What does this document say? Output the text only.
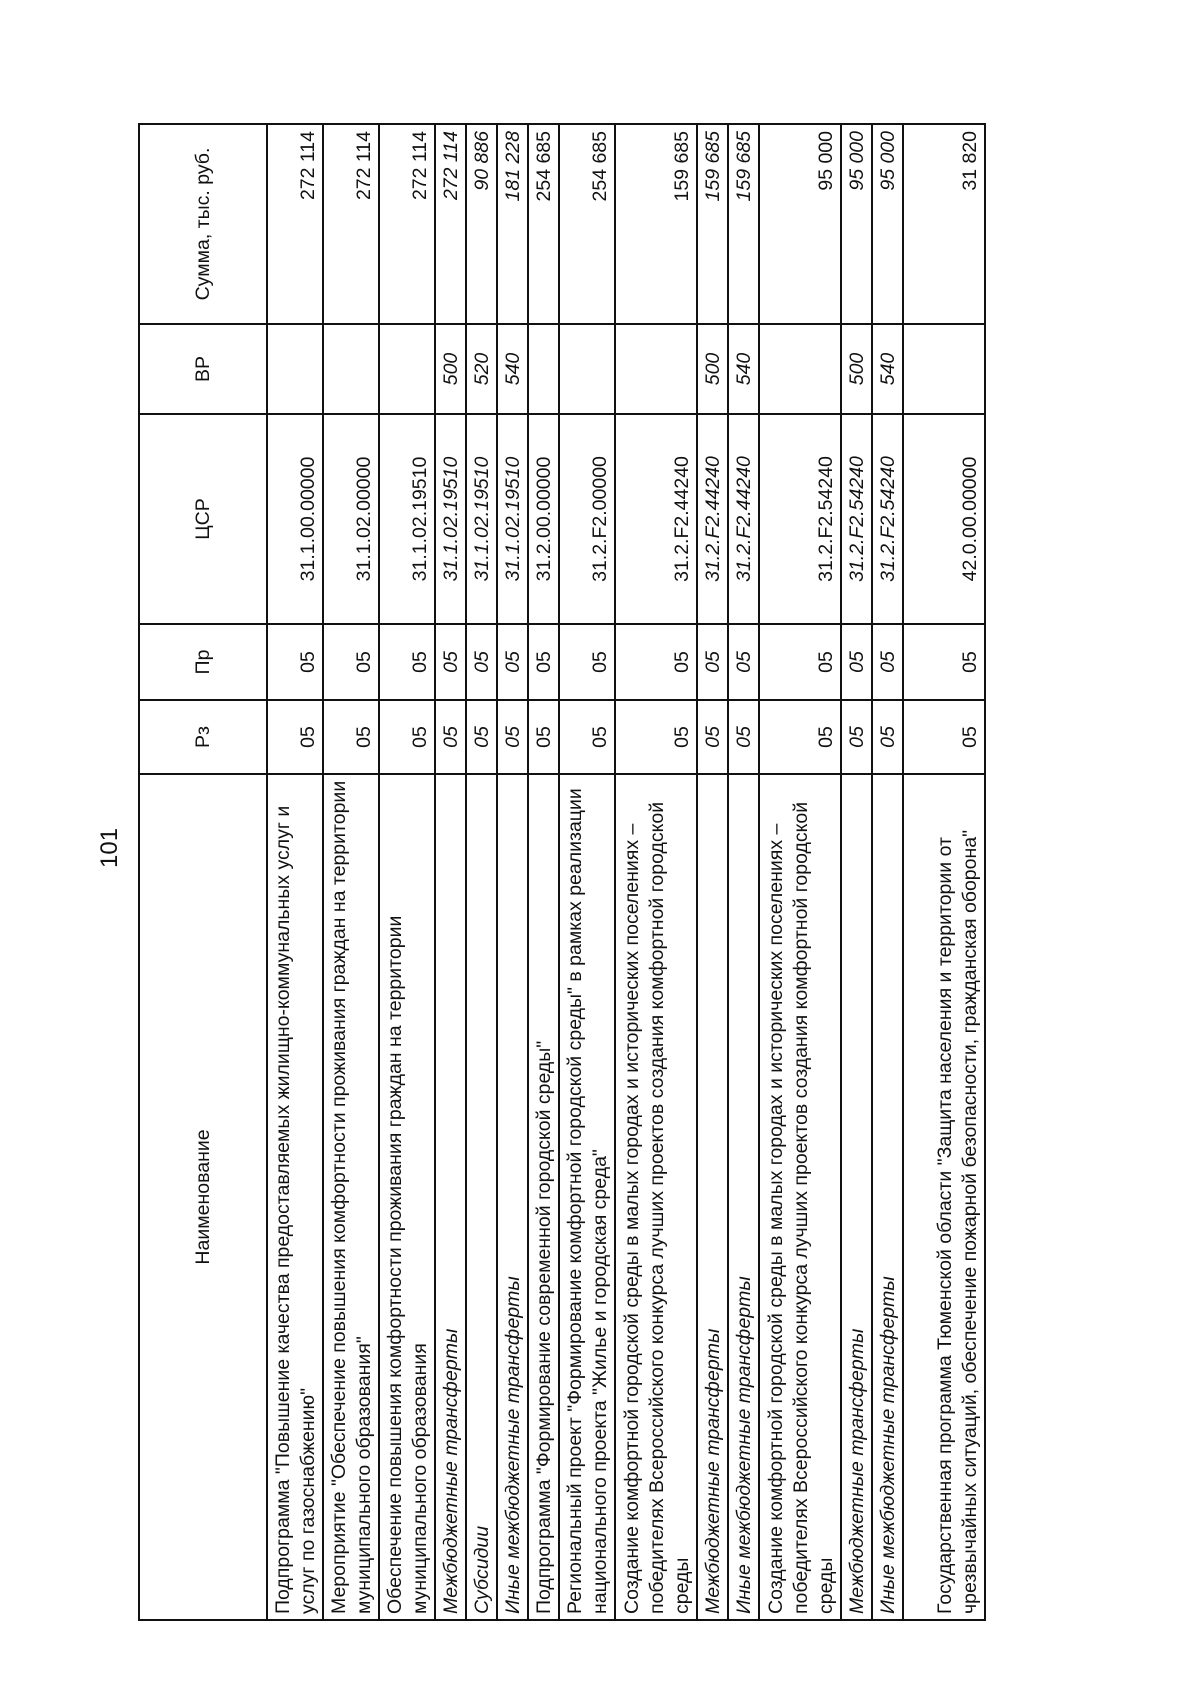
101
Наименование	Рз	Пр	ЦСР	ВР	Сумма, тыс. руб.
Подпрограмма "Повышение качества предоставляемых жилищно-коммунальных услуг и услуг по газоснабжению"	05	05	31.1.00.00000		272 114
Мероприятие "Обеспечение повышения комфортности проживания граждан на территории муниципального образования"	05	05	31.1.02.00000		272 114
Обеспечение повышения комфортности проживания граждан на территории муниципального образования	05	05	31.1.02.19510		272 114
Межбюджетные трансферты	05	05	31.1.02.19510	500	272 114
Субсидии	05	05	31.1.02.19510	520	90 886
Иные межбюджетные трансферты	05	05	31.1.02.19510	540	181 228
Подпрограмма "Формирование современной городской среды"	05	05	31.2.00.00000		254 685
Региональный проект "Формирование комфортной городской среды" в рамках реализации национального проекта "Жилье и городская среда"	05	05	31.2.F2.00000		254 685
Создание комфортной городской среды в малых городах и исторических поселениях – победителях Всероссийского конкурса лучших проектов создания комфортной городской среды	05	05	31.2.F2.44240		159 685
Межбюджетные трансферты	05	05	31.2.F2.44240	500	159 685
Иные межбюджетные трансферты	05	05	31.2.F2.44240	540	159 685
Создание комфортной городской среды в малых городах и исторических поселениях – победителях Всероссийского конкурса лучших проектов создания комфортной городской среды	05	05	31.2.F2.54240		95 000
Межбюджетные трансферты	05	05	31.2.F2.54240	500	95 000
Иные межбюджетные трансферты	05	05	31.2.F2.54240	540	95 000
Государственная программа Тюменской области "Защита населения и территории от чрезвычайных ситуаций, обеспечение пожарной безопасности, гражданская оборона"	05	05	42.0.00.00000		31 820
